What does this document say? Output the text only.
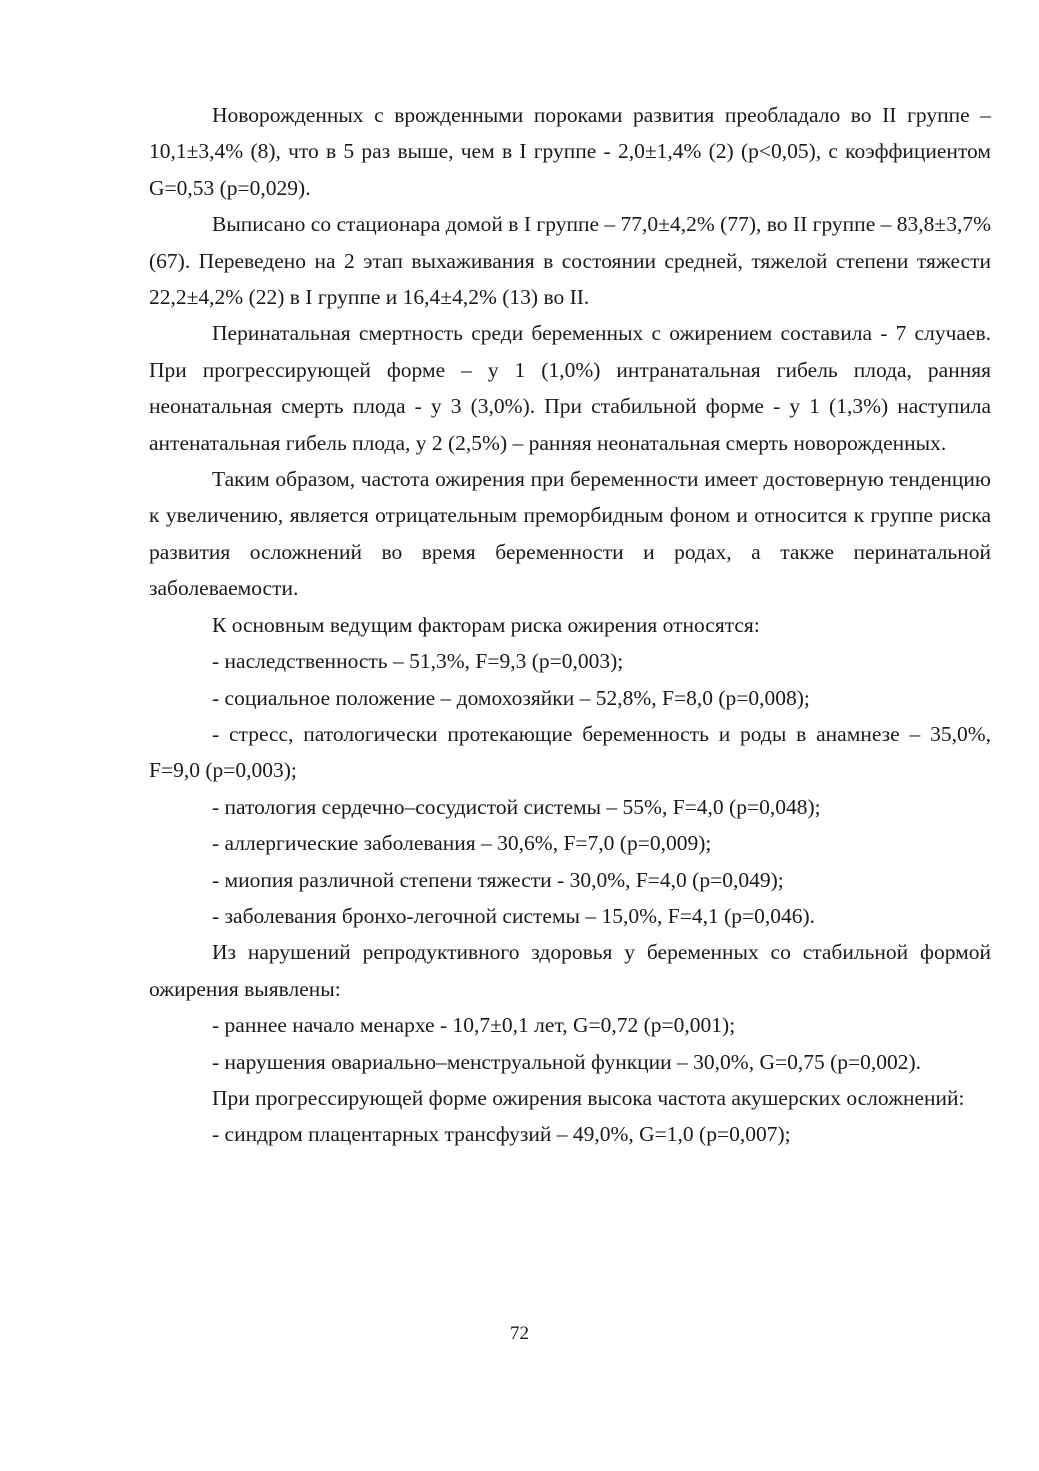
Новорожденных с врожденными пороками развития преобладало во II группе – 10,1±3,4% (8), что в 5 раз выше, чем в I группе - 2,0±1,4% (2) (р<0,05), с коэффициентом G=0,53 (р=0,029).

Выписано со стационара домой в I группе – 77,0±4,2% (77), во II группе – 83,8±3,7% (67). Переведено на 2 этап выхаживания в состоянии средней, тяжелой степени тяжести 22,2±4,2% (22) в I группе и 16,4±4,2% (13) во II.

Перинатальная смертность среди беременных с ожирением составила - 7 случаев. При прогрессирующей форме – у 1 (1,0%) интранатальная гибель плода, ранняя неонатальная смерть плода - у 3 (3,0%). При стабильной форме - у 1 (1,3%) наступила антенатальная гибель плода, у 2 (2,5%) – ранняя неонатальная смерть новорожденных.

Таким образом, частота ожирения при беременности имеет достоверную тенденцию к увеличению, является отрицательным преморбидным фоном и относится к группе риска развития осложнений во время беременности и родах, а также перинатальной заболеваемости.

К основным ведущим факторам риска ожирения относятся:

- наследственность – 51,3%, F=9,3 (р=0,003);

- социальное положение – домохозяйки – 52,8%, F=8,0 (р=0,008);

- стресс, патологически протекающие беременность и роды в анамнезе – 35,0%, F=9,0 (р=0,003);

- патология сердечно–сосудистой системы – 55%, F=4,0 (р=0,048);

- аллергические заболевания – 30,6%, F=7,0 (р=0,009);

- миопия различной степени тяжести - 30,0%, F=4,0 (р=0,049);

- заболевания бронхо-легочной системы – 15,0%, F=4,1 (р=0,046).

Из нарушений репродуктивного здоровья у беременных со стабильной формой ожирения выявлены:

- раннее начало менархе - 10,7±0,1 лет, G=0,72 (р=0,001);

- нарушения овариально–менструальной функции – 30,0%, G=0,75 (р=0,002).

При прогрессирующей форме ожирения высока частота акушерских осложнений:

- синдром плацентарных трансфузий – 49,0%, G=1,0 (р=0,007);

72
